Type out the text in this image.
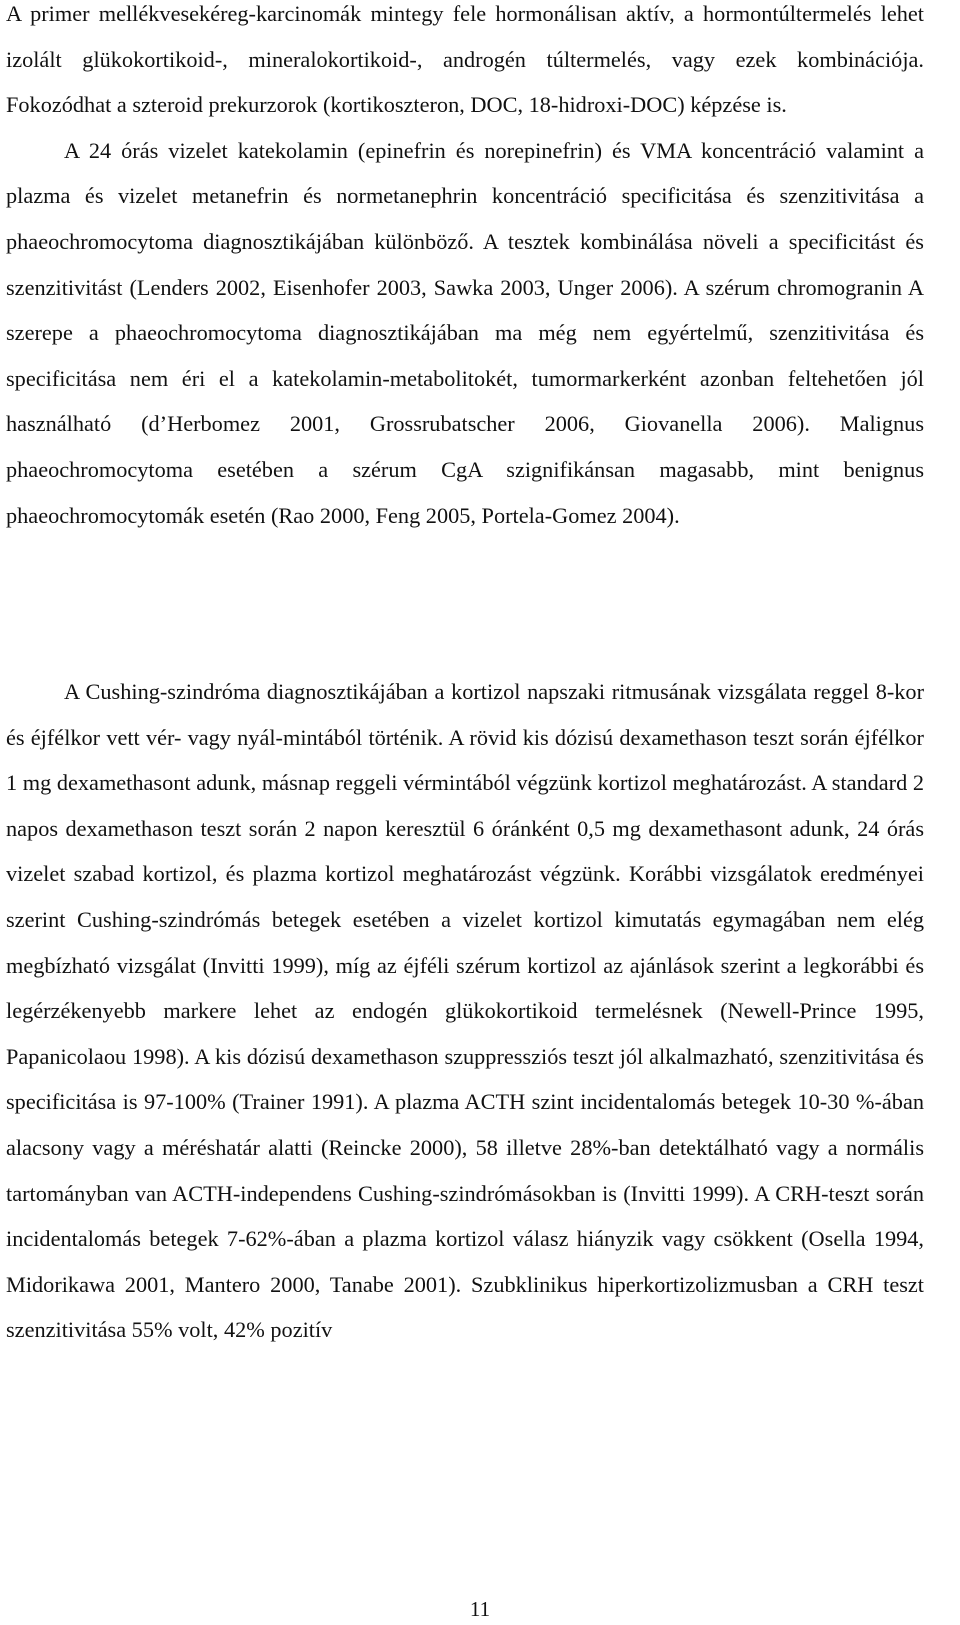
A primer mellékvesekéreg-karcinomák mintegy fele hormonálisan aktív, a hormontúltermelés lehet izolált glükokortikoid-, mineralokortikoid-, androgén túltermelés, vagy ezek kombinációja. Fokozódhat a szteroid prekurzorok (kortikoszteron, DOC, 18-hidroxi-DOC) képzése is.

A 24 órás vizelet katekolamin (epinefrin és norepinefrin) és VMA koncentráció valamint a plazma és vizelet metanefrin és normetanephrin koncentráció specificitása és szenzitivitása a phaeochromocytoma diagnosztikájában különböző. A tesztek kombinálása növeli a specificitást és szenzitivitást (Lenders 2002, Eisenhofer 2003, Sawka 2003, Unger 2006). A szérum chromogranin A szerepe a phaeochromocytoma diagnosztikájában ma még nem egyértelmű, szenzitivitása és specificitása nem éri el a katekolamin-metabolitokét, tumormarkerként azonban feltehetően jól használható (d’Herbomez 2001, Grossrubatscher 2006, Giovanella 2006). Malignus phaeochromocytoma esetében a szérum CgA szignifikánsan magasabb, mint benignus phaeochromocytomák esetén (Rao 2000, Feng 2005, Portela-Gomez 2004).

A Cushing-szindróma diagnosztikájában a kortizol napszaki ritmusának vizsgálata reggel 8-kor és éjfélkor vett vér- vagy nyál-mintából történik. A rövid kis dózisú dexamethason teszt során éjfélkor 1 mg dexamethasont adunk, másnap reggeli vérmintából végzünk kortizol meghatározást. A standard 2 napos dexamethason teszt során 2 napon keresztül 6 óránként 0,5 mg dexamethasont adunk, 24 órás vizelet szabad kortizol, és plazma kortizol meghatározást végzünk. Korábbi vizsgálatok eredményei szerint Cushing-szindrómás betegek esetében a vizelet kortizol kimutatás egymagában nem elég megbízható vizsgálat (Invitti 1999), míg az éjféli szérum kortizol az ajánlások szerint a legkorábbi és legérzékenyebb markere lehet az endogén glükokortikoid termelésnek (Newell-Prince 1995, Papanicolaou 1998). A kis dózisú dexamethason szuppressziós teszt jól alkalmazható, szenzitivitása és specificitása is 97-100% (Trainer 1991). A plazma ACTH szint incidentalomás betegek 10-30 %-ában alacsony vagy a méréshatár alatti (Reincke 2000), 58 illetve 28%-ban detektálható vagy a normális tartományban van ACTH-independens Cushing-szindrómásokban is (Invitti 1999). A CRH-teszt során incidentalomás betegek 7-62%-ában a plazma kortizol válasz hiányzik vagy csökkent (Osella 1994, Midorikawa 2001, Mantero 2000, Tanabe 2001). Szubklinikus hiperkortizolizmusban a CRH teszt szenzitivitása 55% volt, 42% pozitív

11
